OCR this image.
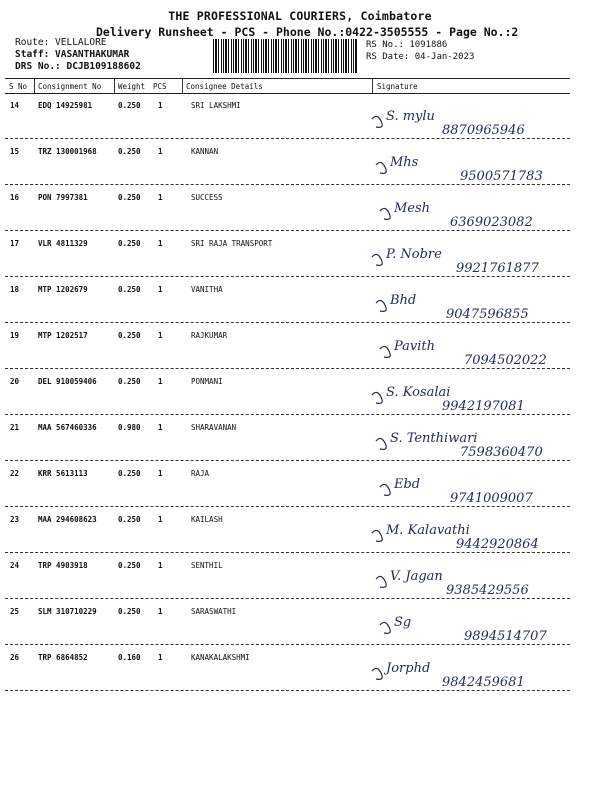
THE PROFESSIONAL COURIERS, Coimbatore
Delivery Runsheet - PCS - Phone No.:0422-3505555 - Page No.:2
Route: VELLALORE
Staff: VASANTHAKUMAR
DRS No.: DCJB109188602
RS No.: 1091886
RS Date: 04-Jan-2023
S No Consignment No Weight PCS	Consignee Details	Signature
14	EDQ 14925981	0.250 1	SRI LAKSHMI
S. mylu
8870965946
15	TRZ 130001968	0.250 1	KANNAN
Mhs
9500571783
16	PON 7997381	0.250 1	SUCCESS
Mesh
6369023082
17	VLR 4811329	0.250 1	SRI RAJA TRANSPORT
P. Nobre
9921761877
18	MTP 1202679	0.250 1	VANITHA
Bhd
9047596855
19	MTP 1202517	0.250 1	RAJKUMAR
Pavith
7094502022
20	DEL 910059406	0.250 1	PONMANI
S. Kosalai
9942197081
21	MAA 567460336	0.980 1	SHARAVANAN
S. Tenthiwari
7598360470
22	KRR 5613113	0.250 1	RAJA
Ebd
9741009007
23	MAA 294608623	0.250 1	KAILASH
M. Kalavathi
9442920864
24	TRP 4903918	0.250 1	SENTHIL
V. Jagan
9385429556
25	SLM 310710229	0.250 1	SARASWATHI
Sg
9894514707
26	TRP 6864852	0.160 1	KANAKALAKSHMI
Jorphd
9842459681
